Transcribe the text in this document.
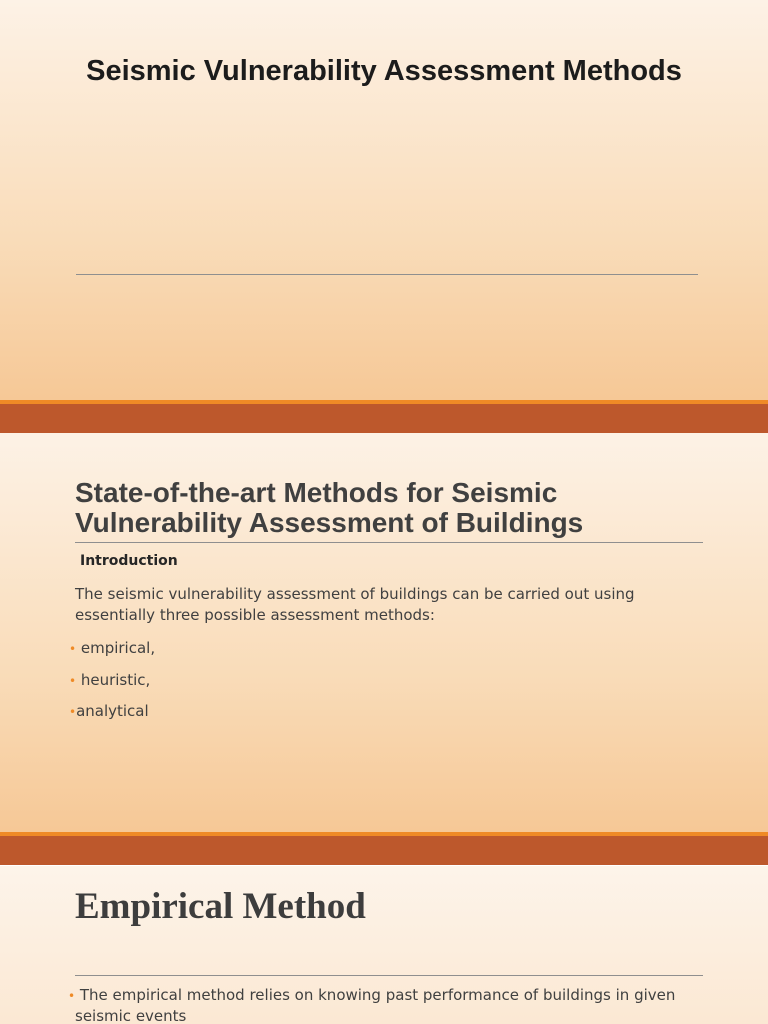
Seismic Vulnerability Assessment Methods
State-of-the-art Methods for Seismic Vulnerability Assessment of Buildings
Introduction

The seismic vulnerability assessment of buildings can be carried out using essentially three possible assessment methods:

• empirical,
• heuristic,
•analytical
Empirical Method
• The empirical method relies on knowing past performance of buildings in given
seismic events
